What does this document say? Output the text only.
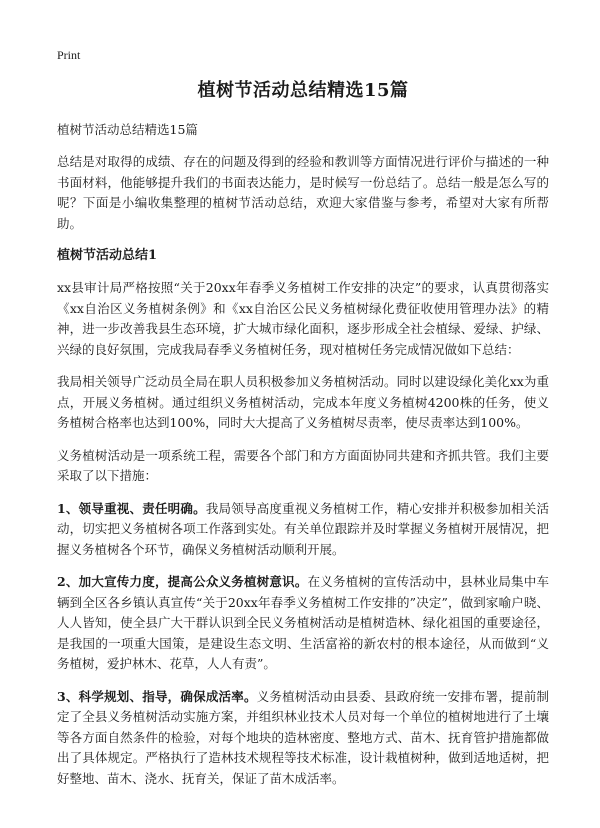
Print
植树节活动总结精选15篇
植树节活动总结精选15篇

总结是对取得的成绩、存在的问题及得到的经验和教训等方面情况进行评价与描述的一种书面材料，他能够提升我们的书面表达能力，是时候写一份总结了。总结一般是怎么写的呢？下面是小编收集整理的植树节活动总结，欢迎大家借鉴与参考，希望对大家有所帮助。

植树节活动总结1

xx县审计局严格按照“关于20xx年春季义务植树工作安排的决定”的要求，认真贯彻落实《xx自治区义务植树条例》和《xx自治区公民义务植树绿化费征收使用管理办法》的精神，进一步改善我县生态环境，扩大城市绿化面积，逐步形成全社会植绿、爱绿、护绿、兴绿的良好氛围，完成我局春季义务植树任务，现对植树任务完成情况做如下总结：

我局相关领导广泛动员全局在职人员积极参加义务植树活动。同时以建设绿化美化xx为重点，开展义务植树。通过组织义务植树活动，完成本年度义务植树4200株的任务，使义务植树合格率也达到100%，同时大大提高了义务植树尽责率，使尽责率达到100%。

义务植树活动是一项系统工程，需要各个部门和方方面面协同共建和齐抓共管。我们主要采取了以下措施：

1、领导重视、责任明确。我局领导高度重视义务植树工作，精心安排并积极参加相关活动，切实把义务植树各项工作落到实处。有关单位跟踪并及时掌握义务植树开展情况，把握义务植树各个环节，确保义务植树活动顺利开展。

2、加大宣传力度，提高公众义务植树意识。在义务植树的宣传活动中，县林业局集中车辆到全区各乡镇认真宣传“关于20xx年春季义务植树工作安排的”决定”，做到家喻户晓、人人皆知，使全县广大干群认识到全民义务植树活动是植树造林、绿化祖国的重要途径，是我国的一项重大国策，是建设生态文明、生活富裕的新农村的根本途径，从而做到“义务植树，爱护林木、花草，人人有责”。

3、科学规划、指导，确保成活率。义务植树活动由县委、县政府统一安排布署，提前制定了全县义务植树活动实施方案，并组织林业技术人员对每一个单位的植树地进行了土壤等各方面自然条件的检验，对每个地块的造林密度、整地方式、苗木、抚育管护措施都做出了具体规定。严格执行了造林技术规程等技术标准，设计栽植树种，做到适地适树，把好整地、苗木、浇水、抚育关，保证了苗木成活率。
